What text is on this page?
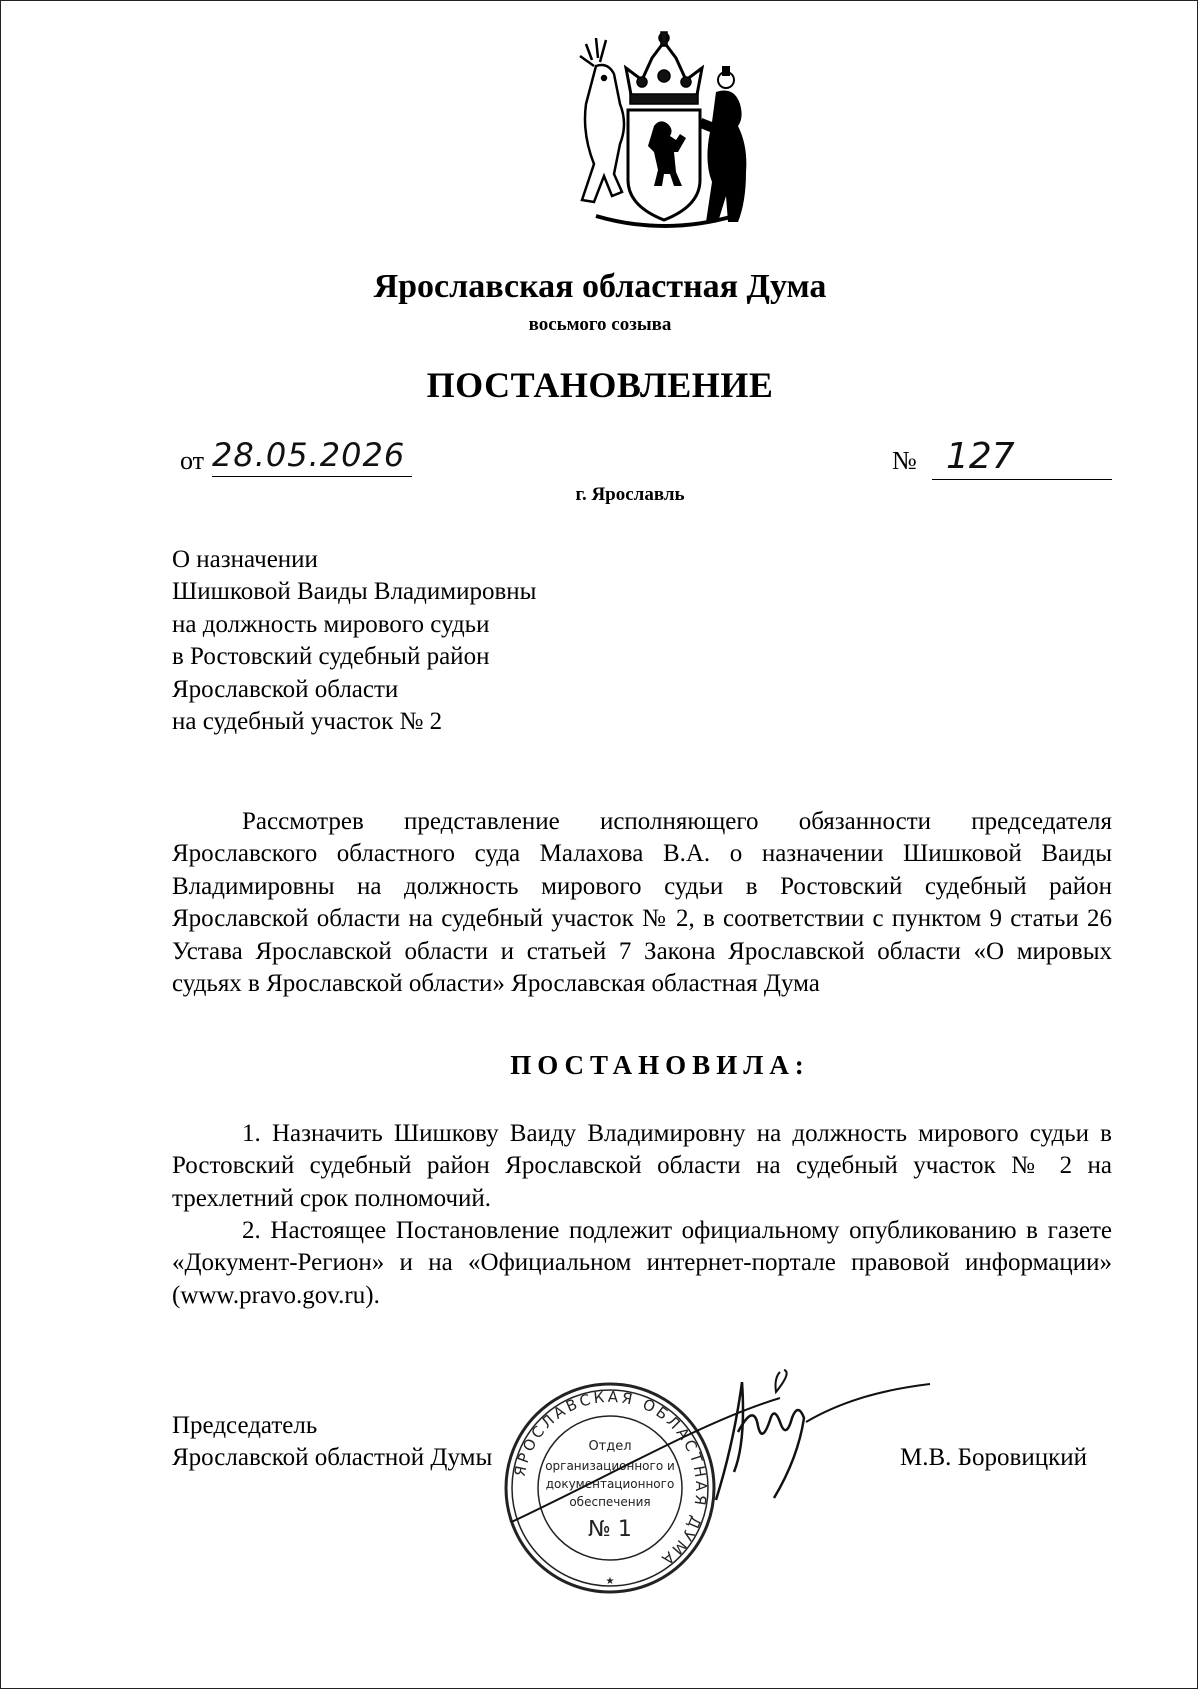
Ярославская областная Дума
восьмого созыва
ПОСТАНОВЛЕНИЕ
от 28.05.2026	№ 127
г. Ярославль
О назначении
Шишковой Ваиды Владимировны
на должность мирового судьи
в Ростовский судебный район
Ярославской области
на судебный участок № 2
Рассмотрев представление исполняющего обязанности председателя Ярославского областного суда Малахова В.А. о назначении Шишковой Ваиды Владимировны на должность мирового судьи в Ростовский судебный район Ярославской области на судебный участок № 2, в соответствии с пунктом 9 статьи 26 Устава Ярославской области и статьей 7 Закона Ярославской области «О мировых судьях в Ярославской области» Ярославская областная Дума
ПОСТАНОВИЛА:
1. Назначить Шишкову Ваиду Владимировну на должность мирового судьи в Ростовский судебный район Ярославской области на судебный участок № 2 на трехлетний срок полномочий.
2. Настоящее Постановление подлежит официальному опубликованию в газете «Документ-Регион» и на «Официальном интернет-портале правовой информации» (www.pravo.gov.ru).
Председатель
Ярославской областной Думы	М.В. Боровицкий
ЯРОСЛАВСКАЯ ОБЛАСТНАЯ ДУМА
Отдел
организационного и
документационного
обеспечения
№ 1
★
